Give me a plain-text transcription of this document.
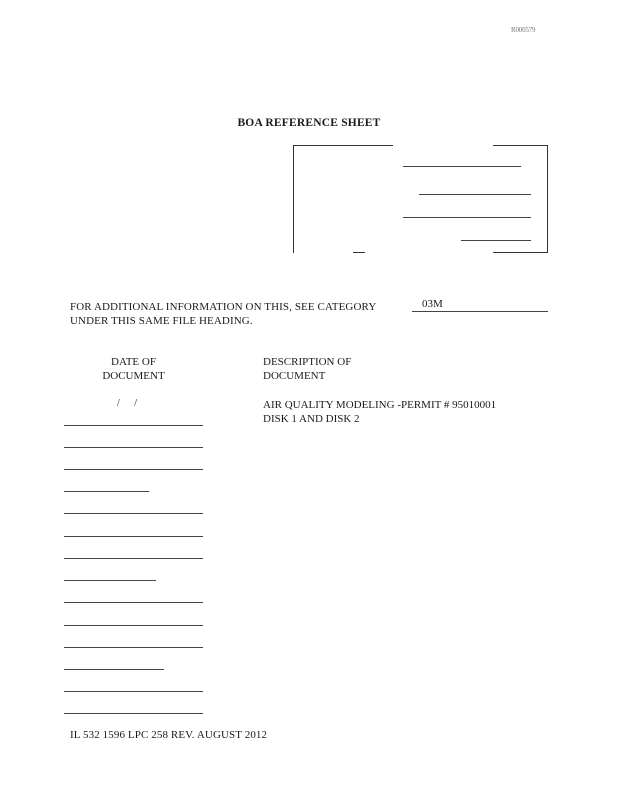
R000579
BOA REFERENCE SHEET
FOR ADDITIONAL INFORMATION ON THIS, SEE CATEGORY
UNDER THIS SAME FILE HEADING.
03M
DATE OF
DOCUMENT
DESCRIPTION OF
DOCUMENT
/ /	AIR QUALITY MODELING -PERMIT # 95010001
DISK 1 AND DISK 2
IL 532 1596 LPC 258 REV. AUGUST 2012
